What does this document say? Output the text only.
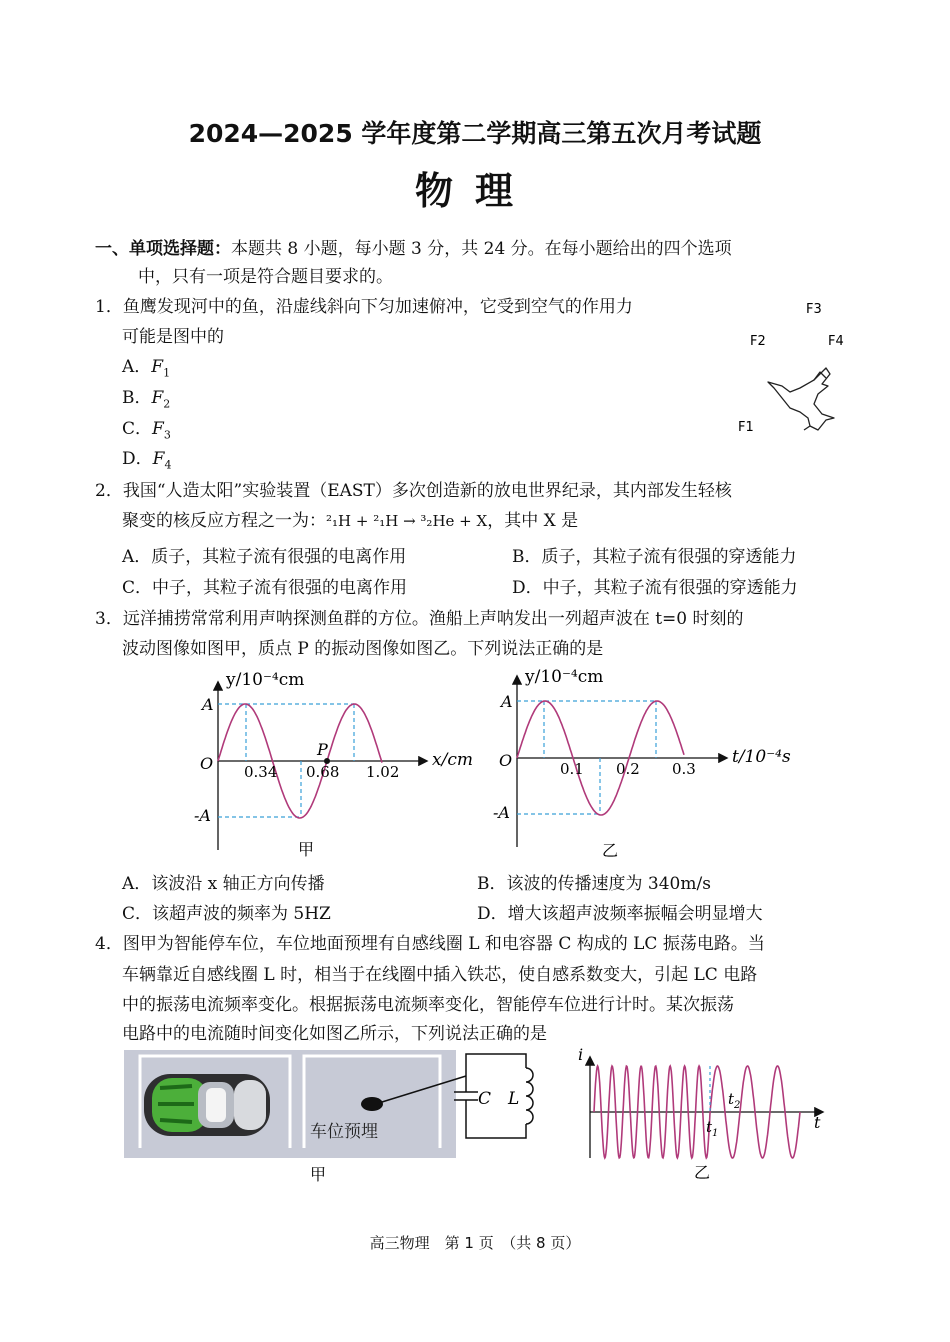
2024—2025 学年度第二学期高三第五次月考试题
物理
一、单项选择题：本题共 8 小题，每小题 3 分，共 24 分。在每小题给出的四个选项
中，只有一项是符合题目要求的。
1．鱼鹰发现河中的鱼，沿虚线斜向下匀加速俯冲，它受到空气的作用力
可能是图中的
A．$F_1$
B．$F_2$
C．$F_3$
D．$F_4$
F3
F2	F4
F1
2．我国“人造太阳”实验装置（EAST）多次创造新的放电世界纪录，其内部发生轻核
聚变的核反应方程之一为：²₁H + ²₁H → ³₂He + X，其中 X 是
A．质子，其粒子流有很强的电离作用	B．质子，其粒子流有很强的穿透能力
C．中子，其粒子流有很强的电离作用	D．中子，其粒子流有很强的穿透能力
3．远洋捕捞常常利用声呐探测鱼群的方位。渔船上声呐发出一列超声波在 t=0 时刻的
波动图像如图甲，质点 P 的振动图像如图乙。下列说法正确的是
y/10⁻⁴cm
x/cm
O
A
-A
P
0.34 0.68 1.02
甲
y/10⁻⁴cm
t/10⁻⁴s
O
A
-A
0.1 0.2 0.3
乙
A．该波沿 x 轴正方向传播	B．该波的传播速度为 340m/s
C．该超声波的频率为 5HZ	D．增大该超声波频率振幅会明显增大
4．图甲为智能停车位，车位地面预埋有自感线圈 L 和电容器 C 构成的 LC 振荡电路。当
车辆靠近自感线圈 L 时，相当于在线圈中插入铁芯，使自感系数变大，引起 LC 电路
中的振荡电流频率变化。根据振荡电流频率变化，智能停车位进行计时。某次振荡
电路中的电流随时间变化如图乙所示，下列说法正确的是
车位预埋
C L
甲
i
t
$t_1$
$t_2$
乙
高三物理　第 1 页　（共 8 页）
